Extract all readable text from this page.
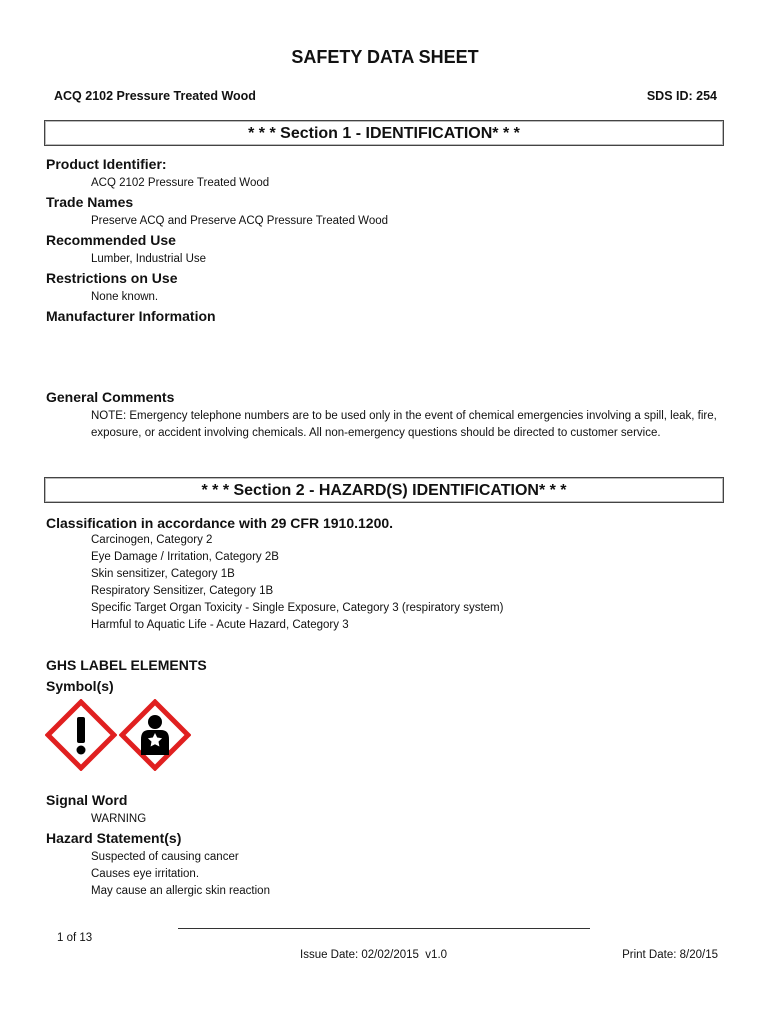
SAFETY DATA SHEET
ACQ 2102 Pressure Treated Wood	SDS ID: 254
* * * Section 1 - IDENTIFICATION* * *
Product Identifier:
ACQ 2102 Pressure Treated Wood
Trade Names
Preserve ACQ and Preserve ACQ Pressure Treated Wood
Recommended Use
Lumber, Industrial Use
Restrictions on Use
None known.
Manufacturer Information
General Comments
NOTE: Emergency telephone numbers are to be used only in the event of chemical emergencies involving a spill, leak, fire, exposure, or accident involving chemicals. All non-emergency questions should be directed to customer service.
* * * Section 2 - HAZARD(S) IDENTIFICATION* * *
Classification in accordance with 29 CFR 1910.1200.
Carcinogen, Category 2
Eye Damage / Irritation, Category 2B
Skin sensitizer, Category 1B
Respiratory Sensitizer, Category 1B
Specific Target Organ Toxicity - Single Exposure, Category 3 (respiratory system)
Harmful to Aquatic Life - Acute Hazard, Category 3
GHS LABEL ELEMENTS
Symbol(s)
Signal Word
WARNING
Hazard Statement(s)
Suspected of causing cancer
Causes eye irritation.
May cause an allergic skin reaction
1 of 13
Issue Date: 02/02/2015  v1.0	Print Date: 8/20/15
